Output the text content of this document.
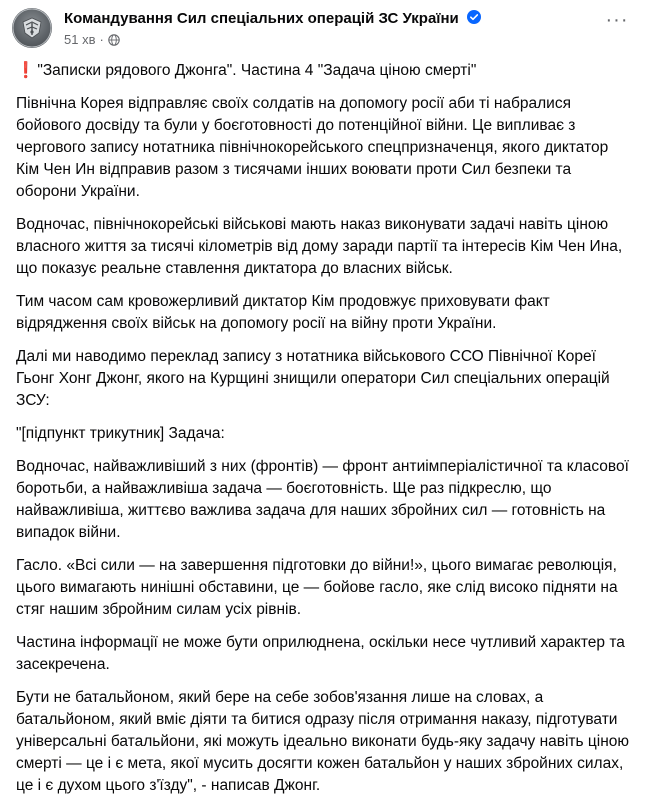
Командування Сил спеціальних операцій ЗС України
51 хв ·
···

❗ "Записки рядового Джонга". Частина 4 "Задача ціною смерті"

Північна Корея відправляє своїх солдатів на допомогу росії аби ті набралися бойового досвіду та були у боєготовності до потенційної війни. Це випливає з чергового запису нотатника північнокорейського спецпризначенця, якого диктатор Кім Чен Ин відправив разом з тисячами інших воювати проти Сил безпеки та оборони України.

Водночас, північнокорейські військові мають наказ виконувати задачі навіть ціною власного життя за тисячі кілометрів від дому заради партії та інтересів Кім Чен Ина, що показує реальне ставлення диктатора до власних військ.

Тим часом сам кровожерливий диктатор Кім продовжує приховувати факт відрядження своїх військ на допомогу росії на війну проти України.

Далі ми наводимо переклад запису з нотатника військового ССО Північної Кореї Гьонг Хонг Джонг, якого на Курщині знищили оператори Сил спеціальних операцій ЗСУ:

"[підпункт трикутник] Задача:

Водночас, найважливіший з них (фронтів) — фронт антиімперіалістичної та класової боротьби, а найважливіша задача — боєготовність. Ще раз підкреслю, що найважливіша, життєво важлива задача для наших збройних сил — готовність на випадок війни.

Гасло. «Всі сили — на завершення підготовки до війни!», цього вимагає революція, цього вимагають нинішні обставини, це — бойове гасло, яке слід високо підняти на стяг нашим збройним силам усіх рівнів.

Частина інформації не може бути оприлюднена, оскільки несе чутливий характер та засекречена.

Бути не батальйоном, який бере на себе зобов'язання лише на словах, а батальйоном, який вміє діяти та битися одразу після отримання наказу, підготувати універсальні батальйони, які можуть ідеально виконати будь-яку задачу навіть ціною смерті — це і є мета, якої мусить досягти кожен батальйон у наших збройних силах, це і є духом цього з'їзду", - написав Джонг.
